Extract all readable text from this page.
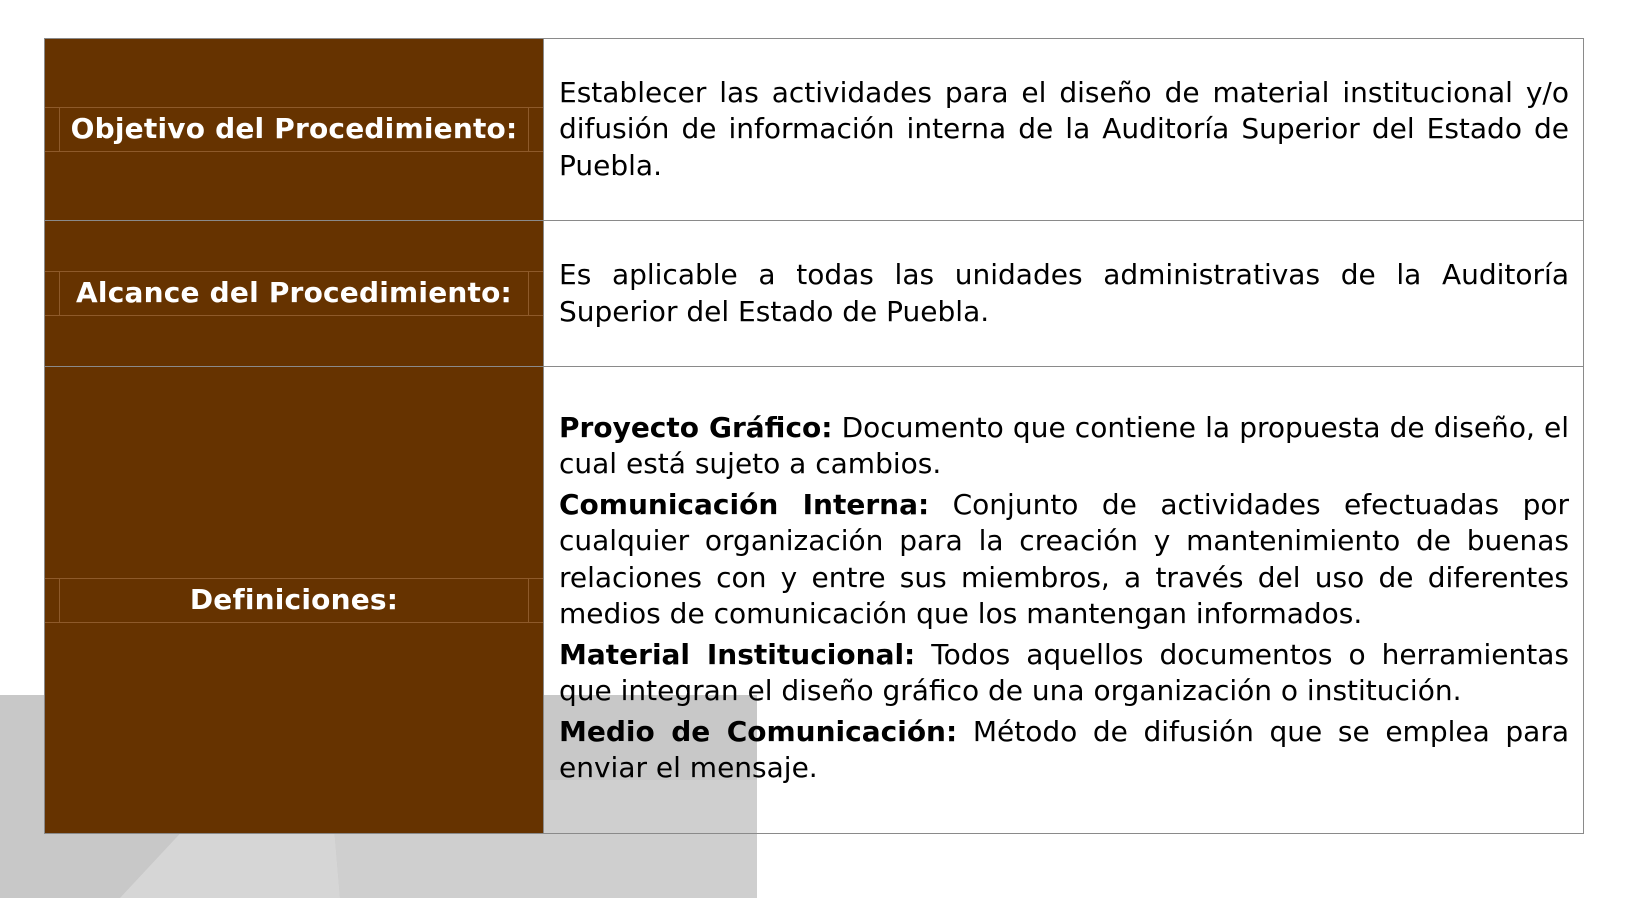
Objetivo del Procedimiento:	Establecer las actividades para el diseño de material institucional y/o difusión de información interna de la Auditoría Superior del Estado de Puebla.

Alcance del Procedimiento:	Es aplicable a todas las unidades administrativas de la Auditoría Superior del Estado de Puebla.

Definiciones:	Proyecto Gráfico: Documento que contiene la propuesta de diseño, el cual está sujeto a cambios.

Comunicación Interna: Conjunto de actividades efectuadas por cualquier organización para la creación y mantenimiento de buenas relaciones con y entre sus miembros, a través del uso de diferentes medios de comunicación que los mantengan informados.

Material Institucional: Todos aquellos documentos o herramientas que integran el diseño gráfico de una organización o institución.

Medio de Comunicación: Método de difusión que se emplea para enviar el mensaje.
